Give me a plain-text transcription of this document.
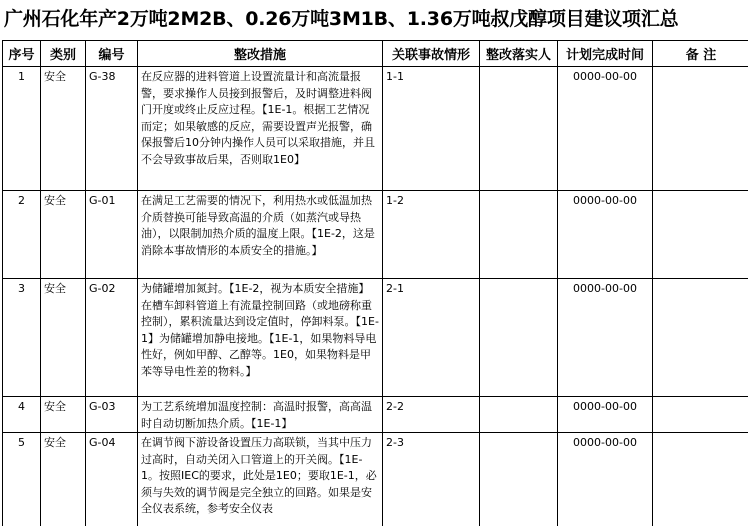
广州石化年产2万吨2M2B、0.26万吨3M1B、1.36万吨叔戊醇项目建议项汇总
序号	类别	编号	整改措施	关联事故情形	整改落实人	计划完成时间	备 注
1	安全	G-38	在反应器的进料管道上设置流量计和高流量报警，要求操作人员接到报警后，及时调整进料阀门开度或终止反应过程。【1E-1。根据工艺情况而定；如果敏感的反应，需要设置声光报警，确保报警后10分钟内操作人员可以采取措施，并且不会导致事故后果，否则取1E0】	1-1		0000-00-00	
2	安全	G-01	在满足工艺需要的情况下，利用热水或低温加热介质替换可能导致高温的介质（如蒸汽或导热油），以限制加热介质的温度上限。【1E-2，这是消除本事故情形的本质安全的措施。】	1-2		0000-00-00	
3	安全	G-02	为储罐增加氮封。【1E-2，视为本质安全措施】在槽车卸料管道上有流量控制回路（或地磅称重控制），累积流量达到设定值时，停卸料泵。【1E-1】为储罐增加静电接地。【1E-1，如果物料导电性好，例如甲醇、乙醇等。1E0，如果物料是甲苯等导电性差的物料。】	2-1		0000-00-00	
4	安全	G-03	为工艺系统增加温度控制：高温时报警，高高温时自动切断加热介质。【1E-1】	2-2		0000-00-00	
5	安全	G-04	在调节阀下游设备设置压力高联锁，当其中压力过高时，自动关闭入口管道上的开关阀。【1E-1。按照IEC的要求，此处是1E0；要取1E-1，必须与失效的调节阀是完全独立的回路。如果是安全仪表系统，参考安全仪表	2-3		0000-00-00	
